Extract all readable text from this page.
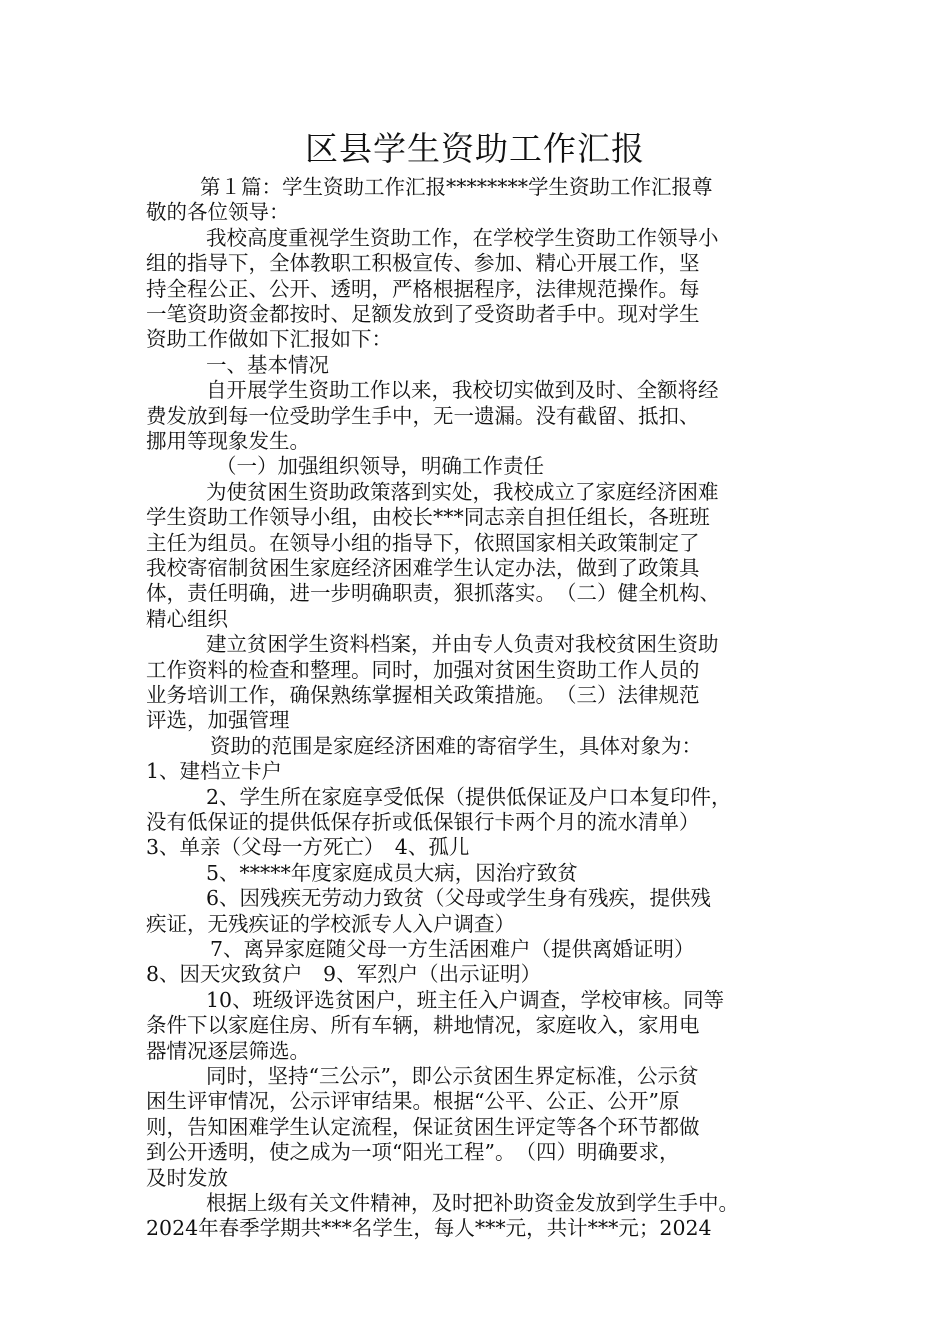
区县学生资助工作汇报
第１篇：学生资助工作汇报********学生资助工作汇报尊
敬的各位领导：
我校高度重视学生资助工作，在学校学生资助工作领导小
组的指导下，全体教职工积极宣传、参加、精心开展工作，坚
持全程公正、公开、透明，严格根据程序，法律规范操作。每
一笔资助资金都按时、足额发放到了受资助者手中。现对学生
资助工作做如下汇报如下：
一、基本情况
自开展学生资助工作以来，我校切实做到及时、全额将经
费发放到每一位受助学生手中，无一遗漏。没有截留、抵扣、
挪用等现象发生。
（一）加强组织领导，明确工作责任
为使贫困生资助政策落到实处，我校成立了家庭经济困难
学生资助工作领导小组，由校长***同志亲自担任组长，各班班
主任为组员。在领导小组的指导下，依照国家相关政策制定了
我校寄宿制贫困生家庭经济困难学生认定办法，做到了政策具
体，责任明确，进一步明确职责，狠抓落实。　（二）健全机构、
精心组织
建立贫困学生资料档案，并由专人负责对我校贫困生资助
工作资料的检查和整理。同时，加强对贫困生资助工作人员的
业务培训工作，确保熟练掌握相关政策措施。　（三）法律规范
评选，加强管理
资助的范围是家庭经济困难的寄宿学生，具体对象为：
1、建档立卡户
2、学生所在家庭享受低保（提供低保证及户口本复印件，
没有低保证的提供低保存折或低保银行卡两个月的流水清单）
3、单亲（父母一方死亡）　4、孤儿
5、*****年度家庭成员大病，因治疗致贫
6、因残疾无劳动力致贫（父母或学生身有残疾，提供残
疾证，无残疾证的学校派专人入户调查）
7、离异家庭随父母一方生活困难户（提供离婚证明）
8、因天灾致贫户　9、军烈户（出示证明）
10、班级评选贫困户，班主任入户调查，学校审核。同等
条件下以家庭住房、所有车辆，耕地情况，家庭收入，家用电
器情况逐层筛选。
同时，坚持“三公示”，即公示贫困生界定标准，公示贫
困生评审情况，公示评审结果。根据“公平、公正、公开”原
则，告知困难学生认定流程，保证贫困生评定等各个环节都做
到公开透明，使之成为一项“阳光工程”。　（四）明确要求，
及时发放
根据上级有关文件精神，及时把补助资金发放到学生手中。
2024年春季学期共***名学生，每人***元，共计***元；2024
